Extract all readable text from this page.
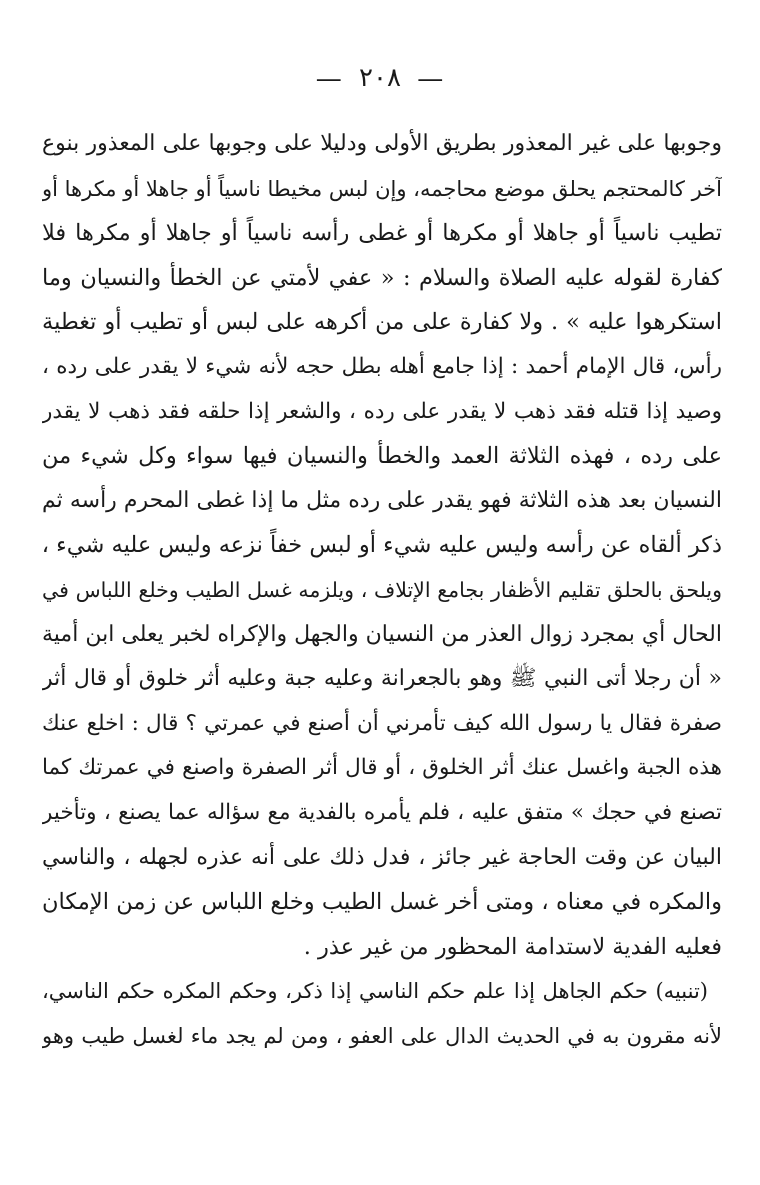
— ٢٠٨ —
وجوبها على غير المعذور بطريق الأولى ودليلا على وجوبها على المعذور بنوع
آخر كالمحتجم يحلق موضع محاجمه، وإن لبس مخيطا ناسياً أو جاهلا أو مكرها أو
تطيب ناسياً أو جاهلا أو مكرها أو غطى رأسه ناسياً أو جاهلا أو مكرها فلا
كفارة لقوله عليه الصلاة والسلام : « عفي لأمتي عن الخطأ والنسيان وما
استكرهوا عليه » . ولا كفارة على من أكرهه على لبس أو تطيب أو تغطية
رأس، قال الإمام أحمد : إذا جامع أهله بطل حجه لأنه شيء لا يقدر على رده ،
وصيد إذا قتله فقد ذهب لا يقدر على رده ، والشعر إذا حلقه فقد ذهب لا يقدر
على رده ، فهذه الثلاثة العمد والخطأ والنسيان فيها سواء وكل شيء من
النسيان بعد هذه الثلاثة فهو يقدر على رده مثل ما إذا غطى المحرم رأسه ثم
ذكر ألقاه عن رأسه وليس عليه شيء أو لبس خفاً نزعه وليس عليه شيء ،
ويلحق بالحلق تقليم الأظفار بجامع الإتلاف ، ويلزمه غسل الطيب وخلع اللباس في
الحال أي بمجرد زوال العذر من النسيان والجهل والإكراه لخبر يعلى ابن أمية
« أن رجلا أتى النبي ﷺ وهو بالجعرانة وعليه جبة وعليه أثر خلوق أو قال أثر
صفرة فقال يا رسول الله كيف تأمرني أن أصنع في عمرتي ؟ قال : اخلع عنك
هذه الجبة واغسل عنك أثر الخلوق ، أو قال أثر الصفرة واصنع في عمرتك كما
تصنع في حجك » متفق عليه ، فلم يأمره بالفدية مع سؤاله عما يصنع ، وتأخير
البيان عن وقت الحاجة غير جائز ، فدل ذلك على أنه عذره لجهله ، والناسي
والمكره في معناه ، ومتى أخر غسل الطيب وخلع اللباس عن زمن الإمكان
فعليه الفدية لاستدامة المحظور من غير عذر .
(تنبيه) حكم الجاهل إذا علم حكم الناسي إذا ذكر، وحكم المكره حكم الناسي،
لأنه مقرون به في الحديث الدال على العفو ، ومن لم يجد ماء لغسل طيب وهو
